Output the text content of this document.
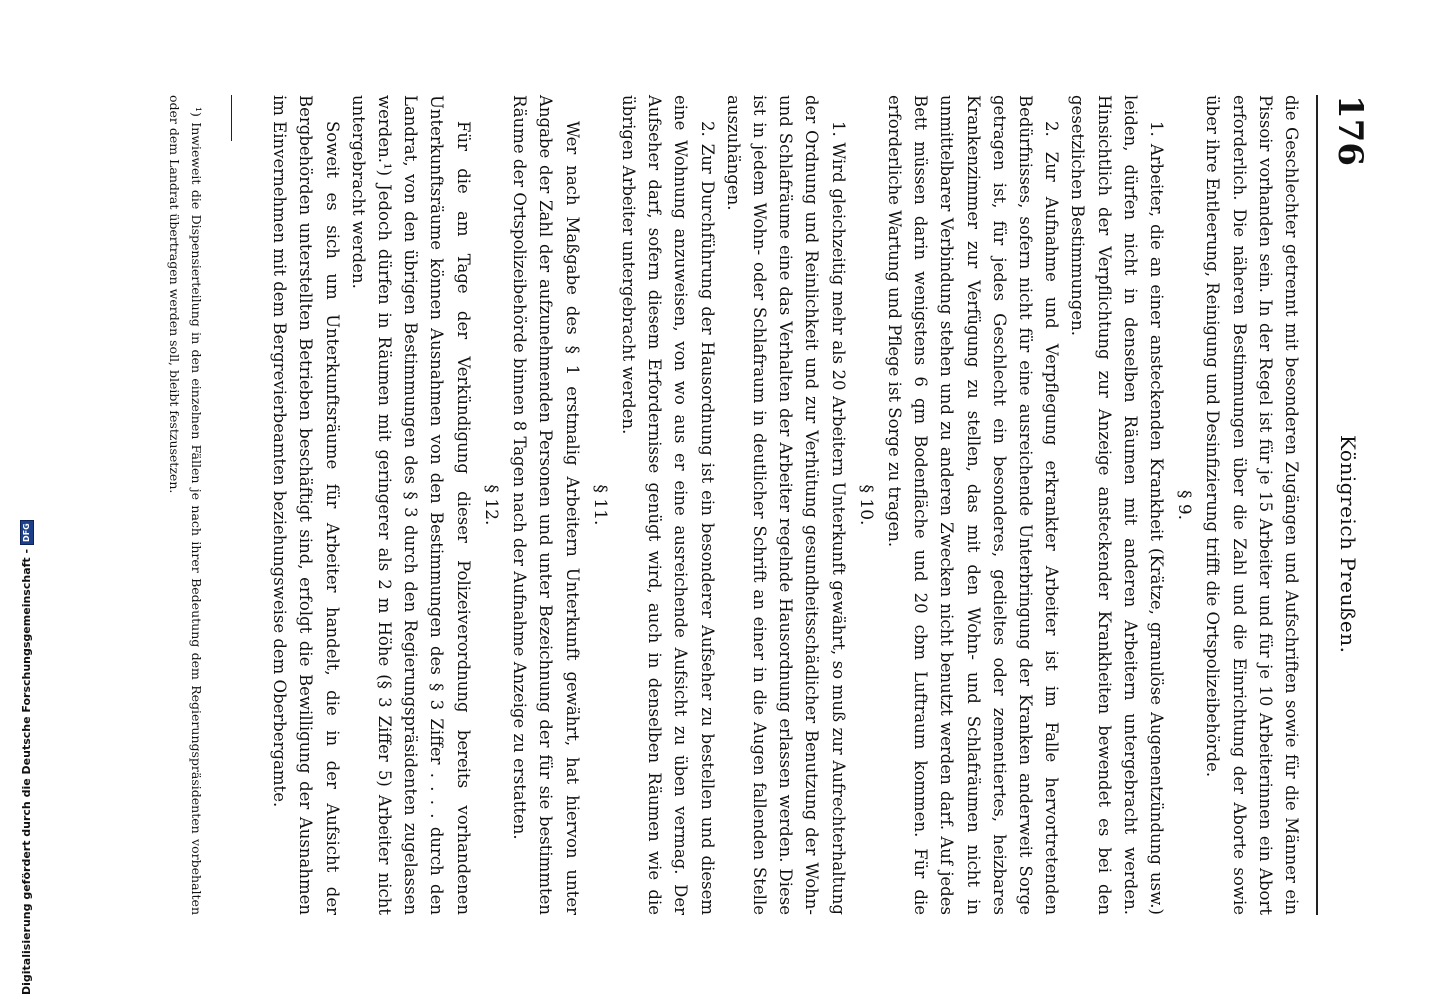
176
Königreich Preußen.

die Geschlechter getrennt mit besonderen Zugängen und Aufschriften sowie für die Männer ein Pissoir vorhanden sein. In der Regel ist für je 15 Arbeiter und für je 10 Arbeiterinnen ein Abort erforderlich. Die näheren Bestimmungen über die Zahl und die Einrichtung der Aborte sowie über ihre Entleerung, Reinigung und Desinfizierung trifft die Ortspolizeibehörde.

§ 9.

1. Arbeiter, die an einer ansteckenden Krankheit (Krätze, granulöse Augenentzündung usw.) leiden, dürfen nicht in denselben Räumen mit anderen Arbeitern untergebracht werden. Hinsichtlich der Verpflichtung zur Anzeige ansteckender Krankheiten bewendet es bei den gesetzlichen Bestimmungen.

2. Zur Aufnahme und Verpflegung erkrankter Arbeiter ist im Falle hervortretenden Bedürfnisses, sofern nicht für eine ausreichende Unterbringung der Kranken anderweit Sorge getragen ist, für jedes Geschlecht ein besonderes, gedieltes oder zementiertes, heizbares Krankenzimmer zur Verfügung zu stellen, das mit den Wohn- und Schlafräumen nicht in unmittelbarer Verbindung stehen und zu anderen Zwecken nicht benutzt werden darf. Auf jedes Bett müssen darin wenigstens 6 qm Bodenfläche und 20 cbm Luftraum kommen. Für die erforderliche Wartung und Pflege ist Sorge zu tragen.

§ 10.

1. Wird gleichzeitig mehr als 20 Arbeitern Unterkunft gewährt, so muß zur Aufrechterhaltung der Ordnung und Reinlichkeit und zur Verhütung gesundheitsschädlicher Benutzung der Wohn- und Schlafräume eine das Verhalten der Arbeiter regelnde Hausordnung erlassen werden. Diese ist in jedem Wohn- oder Schlafraum in deutlicher Schrift an einer in die Augen fallenden Stelle auszuhängen.

2. Zur Durchführung der Hausordnung ist ein besonderer Aufseher zu bestellen und diesem eine Wohnung anzuweisen, von wo aus er eine ausreichende Aufsicht zu üben vermag. Der Aufseher darf, sofern diesem Erfordernisse genügt wird, auch in denselben Räumen wie die übrigen Arbeiter untergebracht werden.

§ 11.

Wer nach Maßgabe des § 1 erstmalig Arbeitern Unterkunft gewährt, hat hiervon unter Angabe der Zahl der aufzunehmenden Personen und unter Bezeichnung der für sie bestimmten Räume der Ortspolizeibehörde binnen 8 Tagen nach der Aufnahme Anzeige zu erstatten.

§ 12.

Für die am Tage der Verkündigung dieser Polizeiverordnung bereits vorhandenen Unterkunftsräume können Ausnahmen von den Bestimmungen des § 3 Ziffer . . . . durch den Landrat, von den übrigen Bestimmungen des § 3 durch den Regierungspräsidenten zugelassen werden.¹) Jedoch dürfen in Räumen mit geringerer als 2 m Höhe (§ 3 Ziffer 5) Arbeiter nicht untergebracht werden.

Soweit es sich um Unterkunftsräume für Arbeiter handelt, die in der Aufsicht der Bergbehörden unterstellten Betrieben beschäftigt sind, erfolgt die Bewilligung der Ausnahmen im Einvernehmen mit dem Bergrevierbeamten beziehungsweise dem Oberbergamte.

¹) Inwieweit die Dispensierteilung in den einzelnen Fällen je nach ihrer Bedeutung dem Regierungspräsidenten vorbehalten oder dem Landrat übertragen werden soll, bleibt festzusetzen.

Digitalisierung gefördert durch die Deutsche Forschungsgemeinschaft -
DFG
